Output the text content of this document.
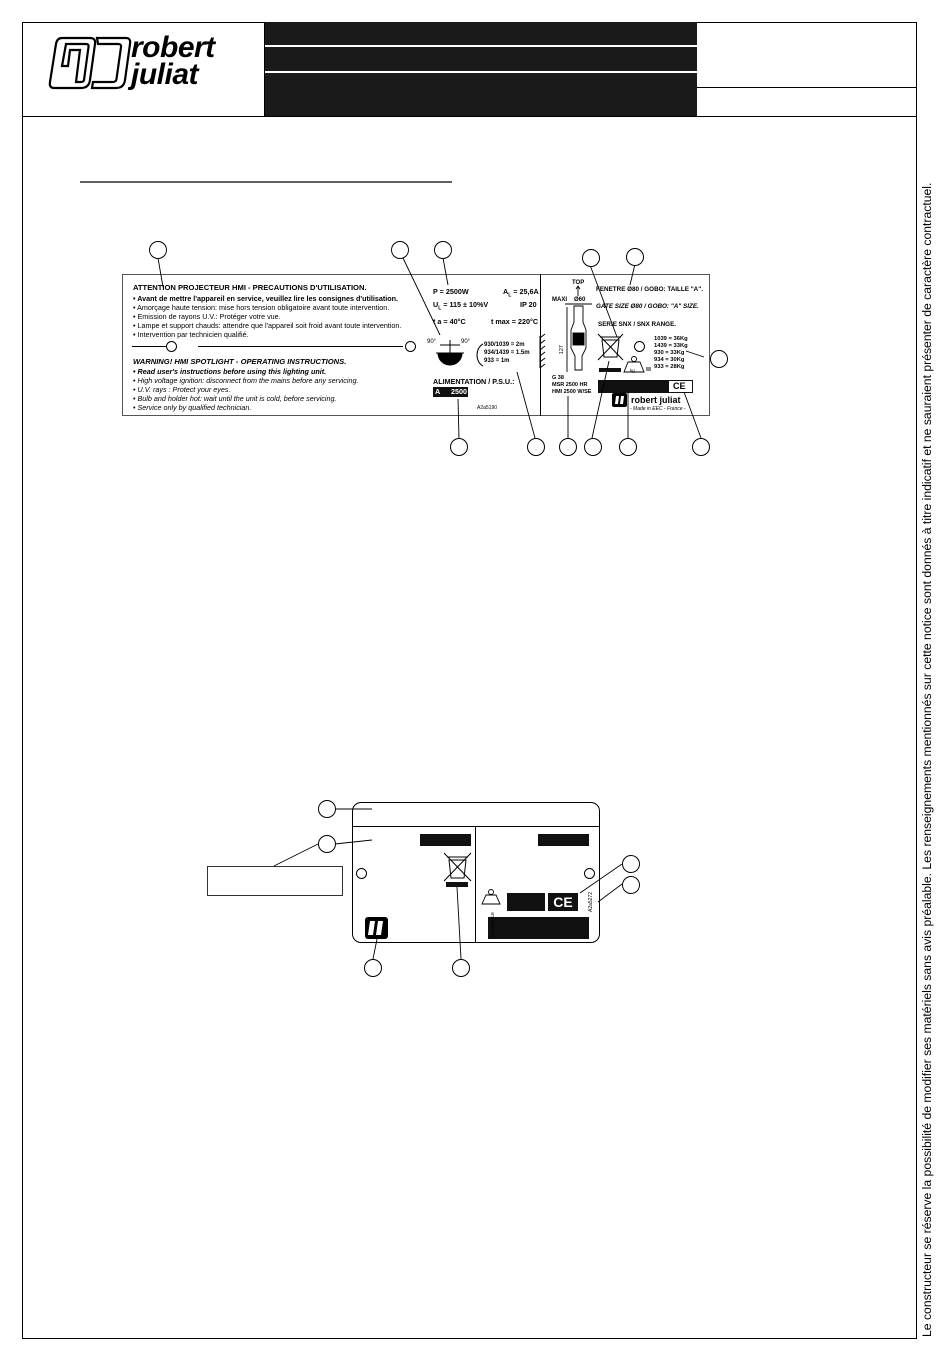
robert
juliat
Le constructeur se réserve la possibilité de modifier ses matériels sans avis préalable. Les renseignements mentionnés sur cette notice sont donnés à titre indicatif et ne sauraient présenter de caractère contractuel.
ATTENTION PROJECTEUR HMI - PRECAUTIONS D'UTILISATION.
• Avant de mettre l'appareil en service, veuillez lire les consignes d'utilisation.
• Amorçage haute tension: mise hors tension obligatoire avant toute intervention.
• Emission de rayons U.V.: Protéger votre vue.
• Lampe et support chauds: attendre que l'appareil soit froid avant toute intervention.
• Intervention par technicien qualifié.
WARNING! HMI SPOTLIGHT - OPERATING INSTRUCTIONS.
• Read user's instructions before using this lighting unit.
• High voltage ignition: disconnect from the mains before any servicing.
• U.V. rays : Protect your eyes.
• Bulb and holder hot: wait until the unit is cold, before servicing.
• Service only by qualified technician.
P = 2500W	$A_L = 25,6A$
$U_L = 115 \pm 10\%V$	IP 20
t a = 40°C	t max = 220°C
90°	90° 930/1039 = 2m
934/1439 = 1.5m
933 = 1m
ALIMENTATION / P.S.U.:
A 2500
A2a5190
TOP
MAXI Ø60
127
G 38
MSR 2500 HR
HMI 2500 W/SE
FENETRE Ø80 / GOBO: TAILLE "A".
GATE SIZE Ø80 / GOBO: "A" SIZE.
SERIE SNX / SNX RANGE.
1039 = 36Kg
1439 = 33Kg
930 = 33Kg
934 = 30Kg
933 = 28Kg
kg
CE
robert juliat
- Made in EEC - France -
CE	A2a5272
CONTROLE
